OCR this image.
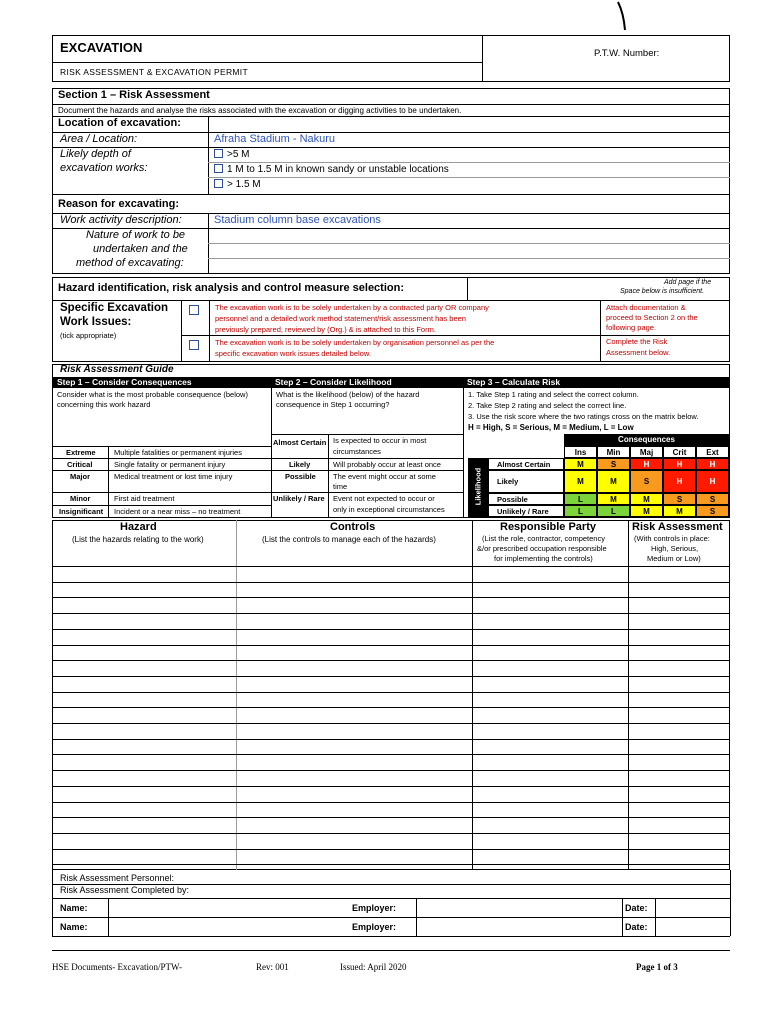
EXCAVATION
RISK ASSESSMENT & EXCAVATION PERMIT
P.T.W. Number:
Section 1 – Risk Assessment
Document the hazards and analyse the risks associated with the excavation or digging activities to be undertaken.
Location of excavation:
Area / Location:	Afraha Stadium - Nakuru
Likely depth of
excavation works:
>5 M
1 M to 1.5 M in known sandy or unstable locations
> 1.5 M
Reason for excavating:
Work activity description:	Stadium column base excavations
Nature of work to be
undertaken and the
method of excavating:
Hazard identification, risk analysis and control measure selection:	Add page if the
Space below is insufficient.
Specific Excavation
Work Issues:
(tick appropriate)
The excavation work is to be solely undertaken by a contracted party OR company
personnel and a detailed work method statement/risk assessment has been
previously prepared, reviewed by (Org.) & is attached to this Form.
Attach documentation &
proceed to Section 2 on the
following page.
The excavation work is to be solely undertaken by organisation personnel as per the
specific excavation work issues detailed below.
Complete the Risk
Assessment below.
Risk Assessment Guide
Step 1 – Consider Consequences	Step 2 – Consider Likelihood	Step 3 – Calculate Risk
Consider what is the most probable consequence (below)
concerning this work hazard
What is the likelihood (below) of the hazard
consequence in Step 1 occurring?
1. Take Step 1 rating and select the correct column.
2. Take Step 2 rating and select the correct line.
3. Use the risk score where the two ratings cross on the matrix below.
H = High, S = Serious, M = Medium, L = Low
Extreme Multiple fatalities or permanent injuries
Critical	Single fatality or permanent injury
Major	Medical treatment or lost time injury
Minor	First aid treatment
Insignificant Incident or a near miss – no treatment
Almost Certain Is expected to occur in most
circumstances
Likely	Will probably occur at least once
Possible The event might occur at some
time
Unlikely / Rare Event not expected to occur or
only in exceptional circumstances
Consequences
Likelihood
Ins	Min	Maj	Crit	Ext
Almost Certain	M	S	H	H	H
Likely	M	M	S	H	H
Possible	L	M	M	S	S
Unlikely / Rare	L	L	M	M	S
Hazard
(List the hazards relating to the work)
Controls
(List the controls to manage each of the hazards)
Responsible Party
(List the role, contractor, competency
&/or prescribed occupation responsible
for implementing the controls)
Risk Assessment
(With controls in place:
High, Serious,
Medium or Low)
Risk Assessment Personnel:
Risk Assessment Completed by:
Name:	Employer:	Date:
Name:	Employer:	Date:
HSE Documents- Excavation/PTW-	Rev: 001	Issued: April 2020	Page 1 of 3
